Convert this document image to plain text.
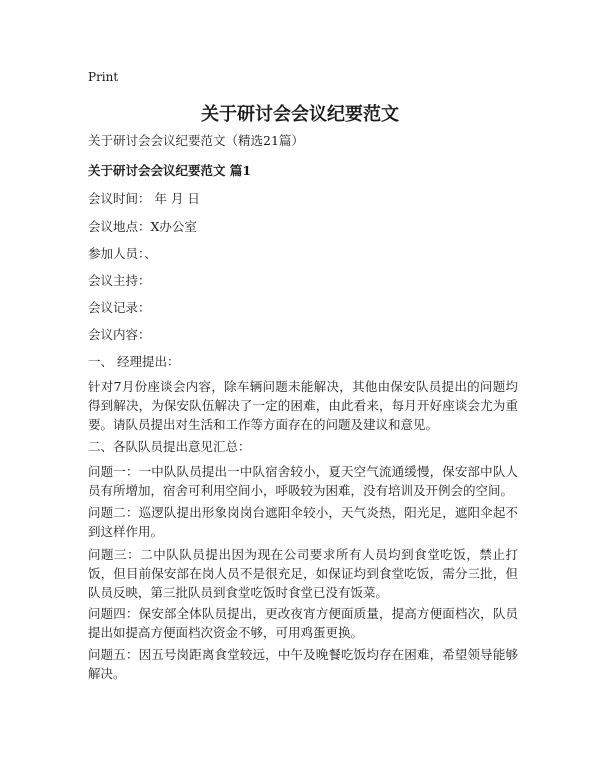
Print
关于研讨会会议纪要范文
关于研讨会会议纪要范文（精选21篇）
关于研讨会会议纪要范文 篇1
会议时间： 年 月 日
会议地点：X办公室
参加人员：、
会议主持：
会议记录：
会议内容：
一、 经理提出：
针对7月份座谈会内容，除车辆问题未能解决，其他由保安队员提出的问题均得到解决，为保安队伍解决了一定的困难，由此看来，每月开好座谈会尤为重要。请队员提出对生活和工作等方面存在的问题及建议和意见。
二、各队队员提出意见汇总：
问题一：一中队队员提出一中队宿舍较小，夏天空气流通缓慢，保安部中队人员有所增加，宿舍可利用空间小，呼吸较为困难，没有培训及开例会的空间。
问题二：巡逻队提出形象岗岗台遮阳伞较小，天气炎热，阳光足，遮阳伞起不到这样作用。
问题三：二中队队员提出因为现在公司要求所有人员均到食堂吃饭，禁止打饭，但目前保安部在岗人员不是很充足，如保证均到食堂吃饭，需分三批，但队员反映，第三批队员到食堂吃饭时食堂已没有饭菜。
问题四：保安部全体队员提出，更改夜宵方便面质量，提高方便面档次，队员提出如提高方便面档次资金不够，可用鸡蛋更换。
问题五：因五号岗距离食堂较远，中午及晚餐吃饭均存在困难，希望领导能够解决。
